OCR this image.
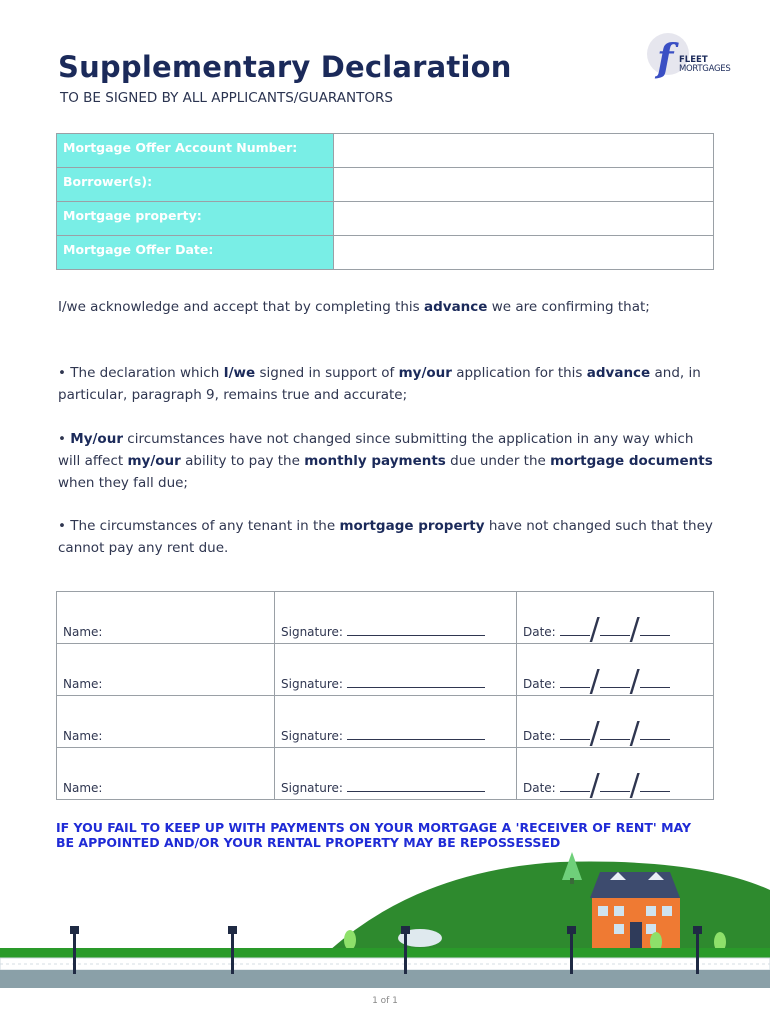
Supplementary Declaration
TO BE SIGNED BY ALL APPLICANTS/GUARANTORS
f FLEET
MORTGAGES
Mortgage Offer Account Number:	
Borrower(s):	
Mortgage property:	
Mortgage Offer Date:	
I/we acknowledge and accept that by completing this advance we are confirming that;
• The declaration which I/we signed in support of my/our application for this advance and, in particular, paragraph 9, remains true and accurate;
• My/our circumstances have not changed since submitting the application in any way which will affect my/our ability to pay the monthly payments due under the mortgage documents when they fall due;
• The circumstances of any tenant in the mortgage property have not changed such that they cannot pay any rent due.
Name:	Signature:	Date: / /
Name:	Signature:	Date: / /
Name:	Signature:	Date: / /
Name:	Signature:	Date: / /
IF YOU FAIL TO KEEP UP WITH PAYMENTS ON YOUR MORTGAGE A 'RECEIVER OF RENT' MAY BE APPOINTED AND/OR YOUR RENTAL PROPERTY MAY BE REPOSSESSED
1 of 1
